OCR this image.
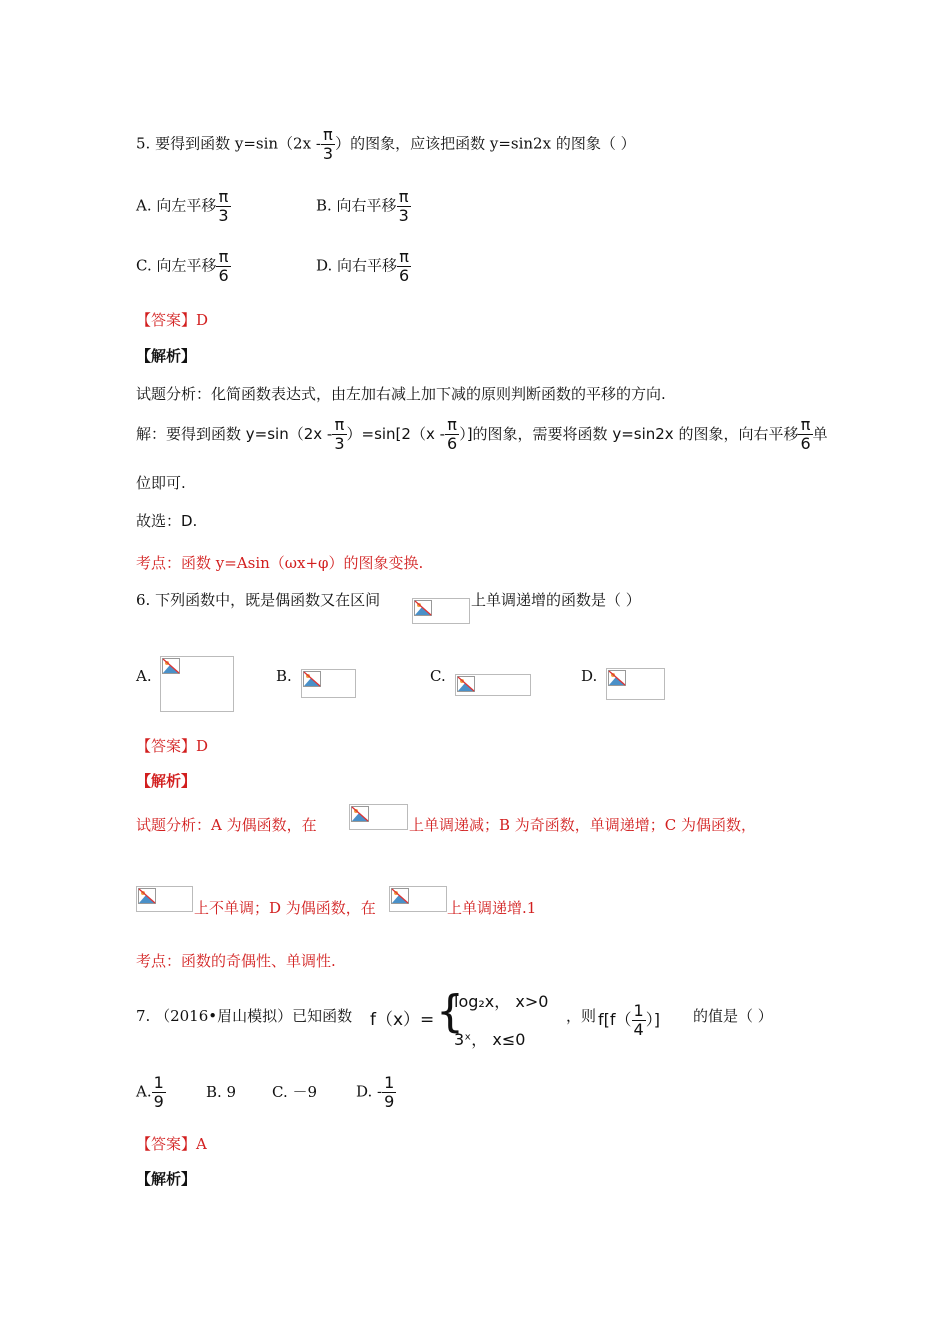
5. 要得到函数 $y=\sin(2x - \frac{\pi}{3}$ ）的图象，应该把函数 y=sin2x 的图象（ ）
A. 向左平移 $\frac{\pi}{3}$	B. 向右平移 $\frac{\pi}{3}$
C. 向左平移 $\frac{\pi}{6}$	D. 向右平移 $\frac{\pi}{6}$
【答案】D
【解析】
试题分析：化简函数表达式，由左加右减上加下减的原则判断函数的平移的方向.
解：要得到函数 $y=\sin(2x - \frac{\pi}{3} )=\sin[2(x - \frac{\pi}{6}$ ）]的图象，需要将函数 y=sin2x 的图象，向右平移 $\frac{\pi}{6}$ 单
位即可.
故选：D.
考点：函数 y=Asin（ωx+φ）的图象变换.
6. 下列函数中，既是偶函数又在区间	上单调递增的函数是（ ）
A.	B.	C.	D.
【答案】D
【解析】
试题分析：A 为偶函数，在	上单调递减；B 为奇函数，单调递增；C 为偶函数，
上不单调；D 为偶函数，在	上单调递增.1
考点：函数的奇偶性、单调性.
7. （2016•眉山模拟）已知函数 f（x）= {
log₂x， x>0
3ˣ， x≤0
，则 $f[f( \frac{1}{4}$ ）] 的值是（ ）
A. $\frac{1}{9}$	B. 9 C. －9	D. - $\frac{1}{9}$
【答案】A
【解析】
